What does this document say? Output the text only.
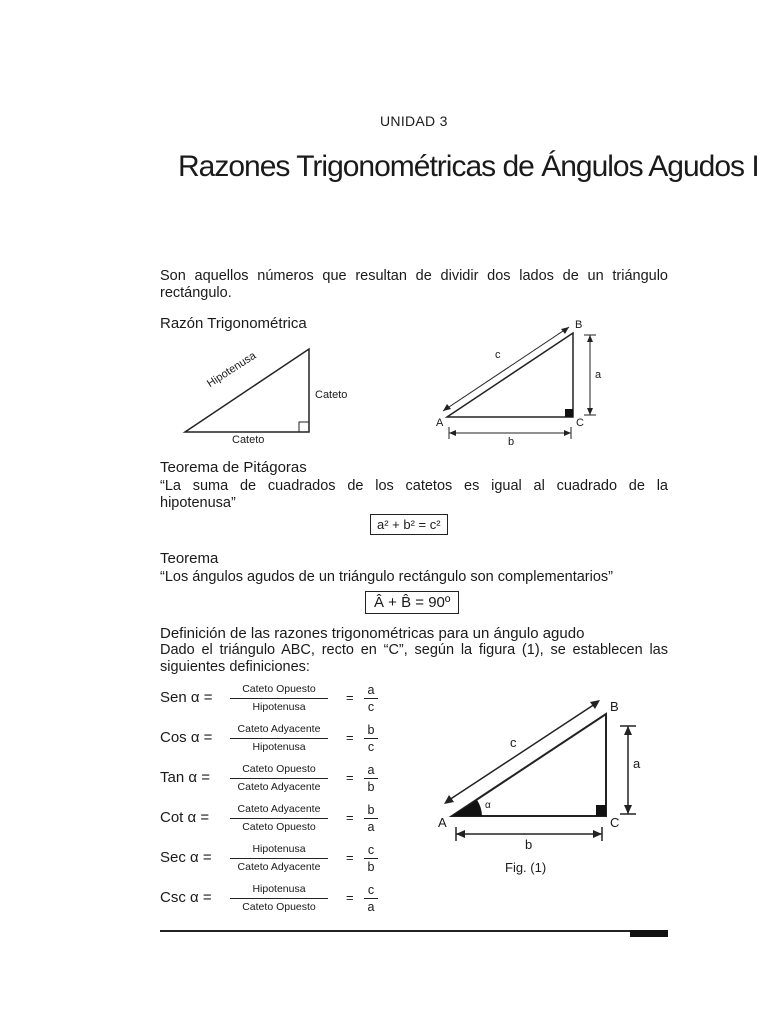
UNIDAD 3
Razones Trigonométricas de Ángulos Agudos I
Son aquellos números que resultan de dividir dos lados de un triángulo
rectángulo.
Razón Trigonométrica
Hipotenusa
Cateto
Cateto
A
B
C
a
b
c
Teorema de Pitágoras
“La suma de cuadrados de los catetos es igual al cuadrado de la
hipotenusa”
a² + b² = c²
Teorema
“Los ángulos agudos de un triángulo rectángulo son complementarios”
Â + B̂ = 90º
Definición de las razones trigonométricas para un ángulo agudo
Dado el triángulo ABC, recto en “C”, según la figura (1), se establecen las
siguientes definiciones:
Sen α =	Cateto Opuesto
Hipotenusa
=	a
c
Cos α =	Cateto Adyacente
Hipotenusa
=	b
c
Tan α =	Cateto Opuesto
Cateto Adyacente
=	a
b
Cot α =	Cateto Adyacente
Cateto Opuesto
=	b
a
Sec α =	Hipotenusa
Cateto Adyacente
=	c
b
Csc α =	Hipotenusa
Cateto Opuesto
=	c
a
A
B
C
a
b
c
α
Fig. (1)
